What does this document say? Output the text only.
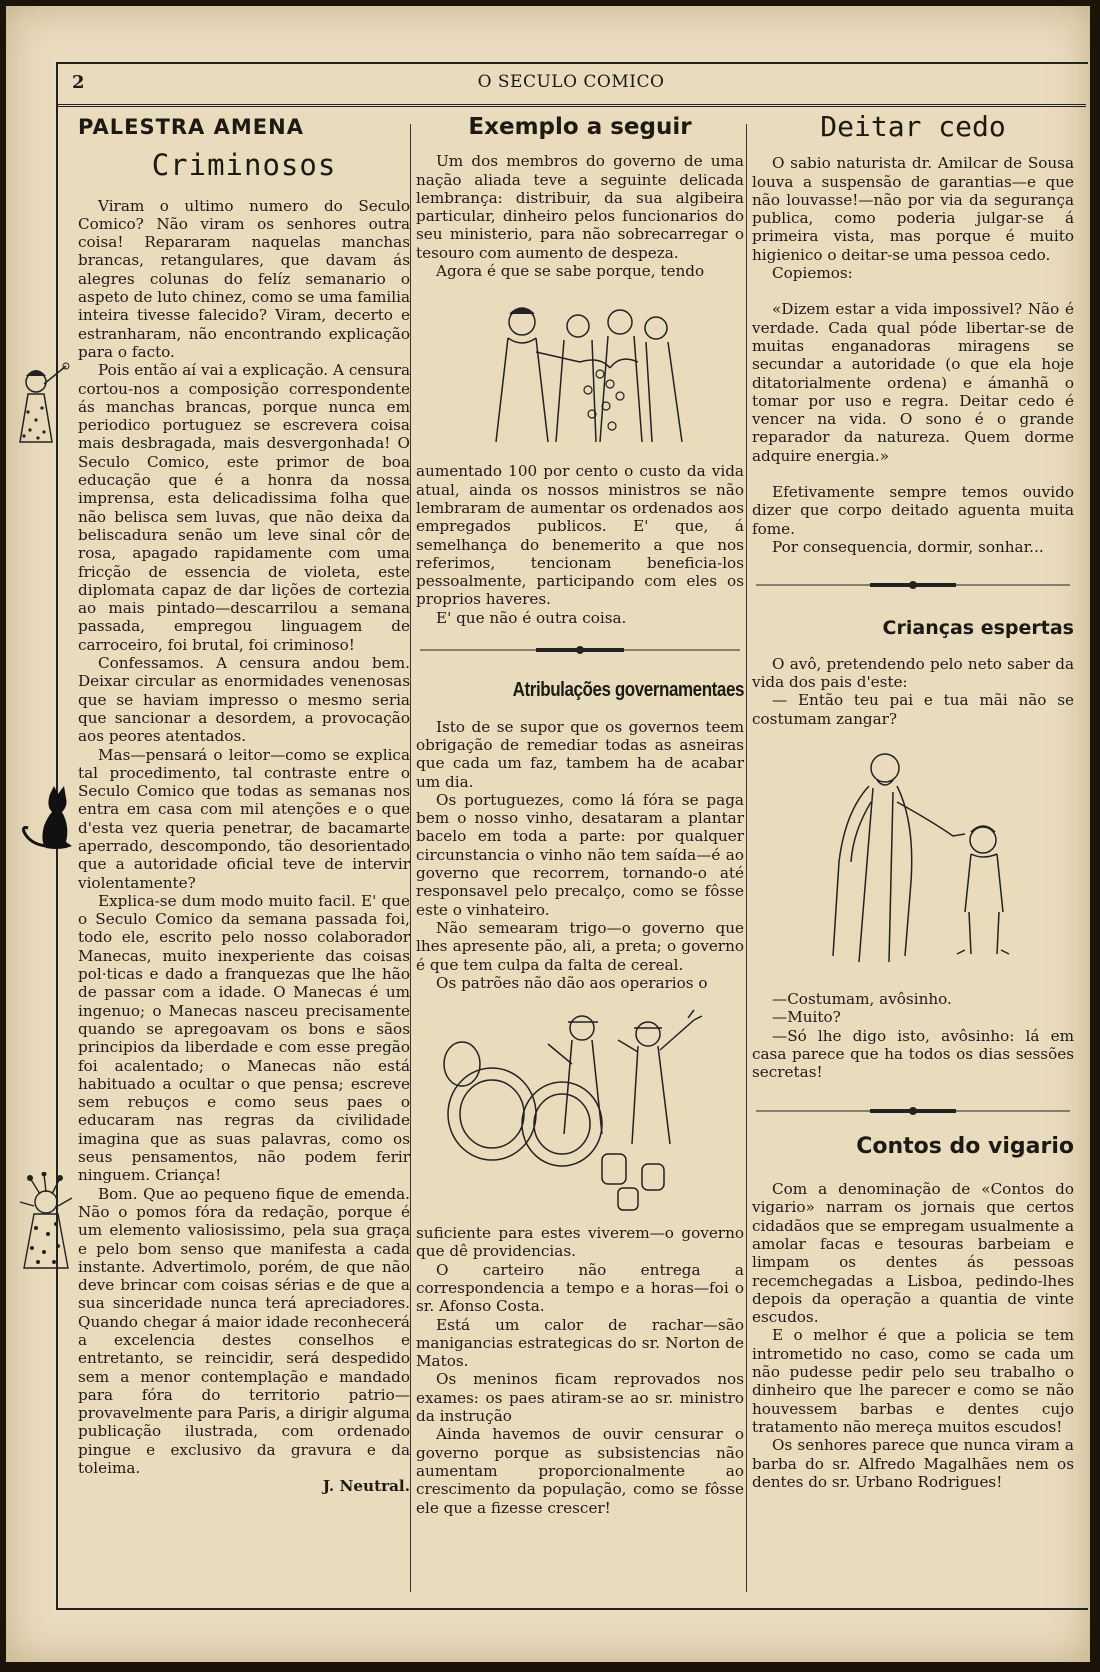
2	O SECULO COMICO
PALESTRA AMENA
Criminosos

Viram o ultimo numero do Seculo Comico? Não viram os senhores outra coisa! Repararam naquelas manchas brancas, retangulares, que davam ás alegres colunas do felíz semanario o aspeto de luto chinez, como se uma familia inteira tivesse falecido? Viram, decerto e estranharam, não encontrando explicação para o facto.

Pois então aí vai a explicação. A censura cortou-nos a composição correspondente ás manchas brancas, porque nunca em periodico portuguez se escrevera coisa mais desbragada, mais desvergonhada! O Seculo Comico, este primor de boa educação que é a honra da nossa imprensa, esta delicadissima folha que não belisca sem luvas, que não deixa da beliscadura senão um leve sinal côr de rosa, apagado rapidamente com uma fricção de essencia de violeta, este diplomata capaz de dar lições de cortezia ao mais pintado—descarrilou a semana passada, empregou linguagem de carroceiro, foi brutal, foi criminoso!

Confessamos. A censura andou bem. Deixar circular as enormidades venenosas que se haviam impresso o mesmo seria que sancionar a desordem, a provocação aos peores atentados.

Mas—pensará o leitor—como se explica tal procedimento, tal contraste entre o Seculo Comico que todas as semanas nos entra em casa com mil atenções e o que d'esta vez queria penetrar, de bacamarte aperrado, descompondo, tão desorientado que a autoridade oficial teve de intervir violentamente?

Explica-se dum modo muito facil. E' que o Seculo Comico da semana passada foi, todo ele, escrito pelo nosso colaborador Manecas, muito inexperiente das coisas pol·ticas e dado a franquezas que lhe hão de passar com a idade. O Manecas é um ingenuo; o Manecas nasceu precisamente quando se apregoavam os bons e sãos principios da liberdade e com esse pregão foi acalentado; o Manecas não está habituado a ocultar o que pensa; escreve sem rebuços e como seus paes o educaram nas regras da civilidade imagina que as suas palavras, como os seus pensamentos, não podem ferir ninguem. Criança!

Bom. Que ao pequeno fique de emenda. Não o pomos fóra da redação, porque é um elemento valiosissimo, pela sua graça e pelo bom senso que manifesta a cada instante. Advertimolo, porém, de que não deve brincar com coisas sérias e de que a sua sinceridade nunca terá apreciadores. Quando chegar á maior idade reconhecerá a excelencia destes conselhos e entretanto, se reincidir, será despedido sem a menor contemplação e mandado para fóra do territorio patrio—provavelmente para Paris, a dirigir alguma publicação ilustrada, com ordenado pingue e exclusivo da gravura e da toleima.

J. Neutral.

Exemplo a seguir

Um dos membros do governo de uma nação aliada teve a seguinte delicada lembrança: distribuir, da sua algibeira particular, dinheiro pelos funcionarios do seu ministerio, para não sobrecarregar o tesouro com aumento de despeza.

Agora é que se sabe porque, tendo

aumentado 100 por cento o custo da vida atual, ainda os nossos ministros se não lembraram de aumentar os ordenados aos empregados publicos. E' que, á semelhança do benemerito a que nos referimos, tencionam beneficia-los pessoalmente, participando com eles os proprios haveres.

E' que não é outra coisa.

Atribulações governamentaes

Isto de se supor que os governos teem obrigação de remediar todas as asneiras que cada um faz, tambem ha de acabar um dia.

Os portuguezes, como lá fóra se paga bem o nosso vinho, desataram a plantar bacelo em toda a parte: por qualquer circunstancia o vinho não tem saída—é ao governo que recorrem, tornando-o até responsavel pelo precalço, como se fôsse este o vinhateiro.

Não semearam trigo—o governo que lhes apresente pão, ali, a preta; o governo é que tem culpa da falta de cereal.

Os patrões não dão aos operarios o

suficiente para estes viverem—o governo que dê providencias.

O carteiro não entrega a correspondencia a tempo e a horas—foi o sr. Afonso Costa.

Está um calor de rachar—são manigancias estrategicas do sr. Norton de Matos.

Os meninos ficam reprovados nos exames: os paes atiram-se ao sr. ministro da instrução

Ainda havemos de ouvir censurar o governo porque as subsistencias não aumentam proporcionalmente ao crescimento da população, como se fôsse ele que a fizesse crescer!

Deitar cedo

O sabio naturista dr. Amilcar de Sousa louva a suspensão de garantias—e que não louvasse!—não por via da segurança publica, como poderia julgar-se á primeira vista, mas porque é muito higienico o deitar-se uma pessoa cedo.

Copiemos:

«Dizem estar a vida impossivel? Não é verdade. Cada qual póde libertar-se de muitas enganadoras miragens se secundar a autoridade (o que ela hoje ditatorialmente ordena) e ámanhã o tomar por uso e regra. Deitar cedo é vencer na vida. O sono é o grande reparador da natureza. Quem dorme adquire energia.»

Efetivamente sempre temos ouvido dizer que corpo deitado aguenta muita fome.

Por consequencia, dormir, sonhar...

Crianças espertas

O avô, pretendendo pelo neto saber da vida dos pais d'este:

— Então teu pai e tua mãi não se costumam zangar?

—Costumam, avôsinho.

—Muito?

—Só lhe digo isto, avôsinho: lá em casa parece que ha todos os dias sessões secretas!

Contos do vigario

Com a denominação de «Contos do vigario» narram os jornais que certos cidadãos que se empregam usualmente a amolar facas e tesouras barbeiam e limpam os dentes ás pessoas recemchegadas a Lisboa, pedindo-lhes depois da operação a quantia de vinte escudos.

E o melhor é que a policia se tem intrometido no caso, como se cada um não pudesse pedir pelo seu trabalho o dinheiro que lhe parecer e como se não houvessem barbas e dentes cujo tratamento não mereça muitos escudos!

Os senhores parece que nunca viram a barba do sr. Alfredo Magalhães nem os dentes do sr. Urbano Rodrigues!
